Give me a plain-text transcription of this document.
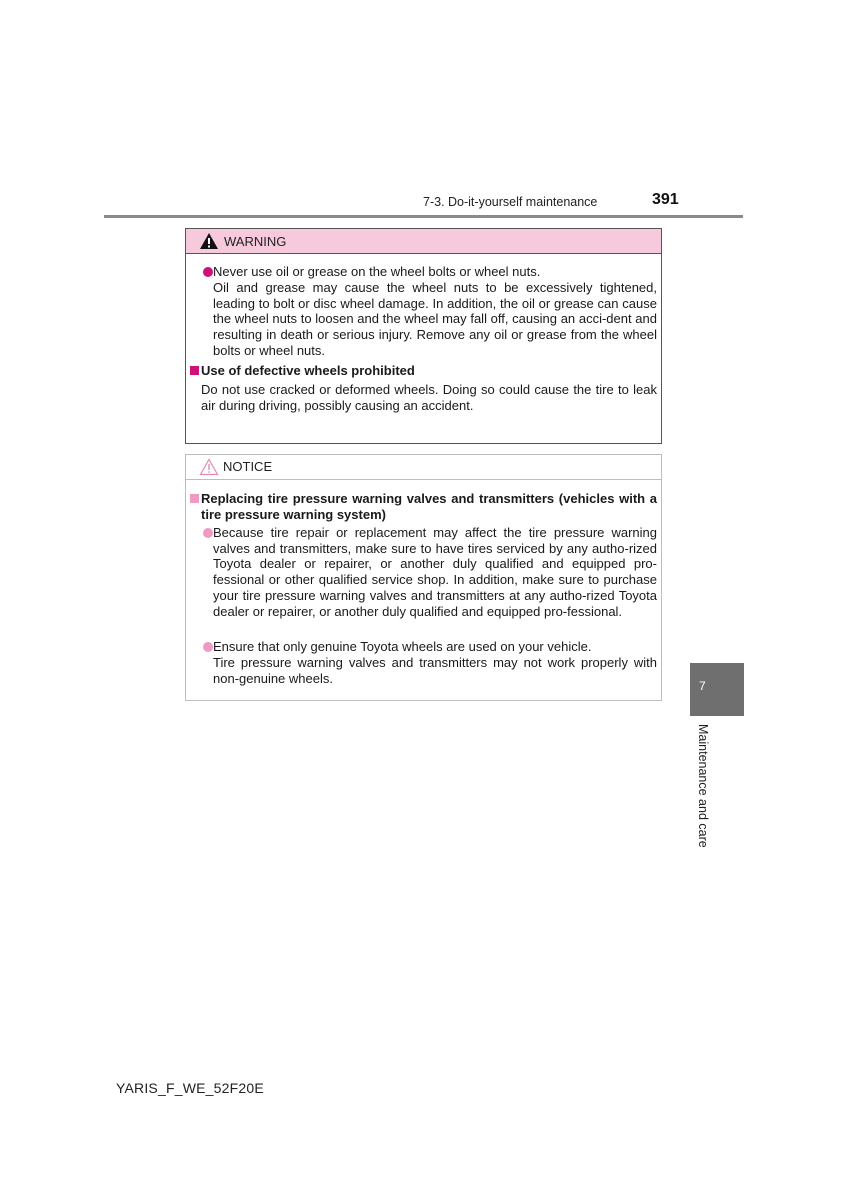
7-3. Do-it-yourself maintenance	391
WARNING
Never use oil or grease on the wheel bolts or wheel nuts.
Oil and grease may cause the wheel nuts to be excessively tightened, leading to bolt or disc wheel damage. In addition, the oil or grease can cause the wheel nuts to loosen and the wheel may fall off, causing an acci-dent and resulting in death or serious injury. Remove any oil or grease from the wheel bolts or wheel nuts.
Use of defective wheels prohibited
Do not use cracked or deformed wheels. Doing so could cause the tire to leak air during driving, possibly causing an accident.
NOTICE
Replacing tire pressure warning valves and transmitters (vehicles with a tire pressure warning system)
Because tire repair or replacement may affect the tire pressure warning valves and transmitters, make sure to have tires serviced by any autho-rized Toyota dealer or repairer, or another duly qualified and equipped pro-fessional or other qualified service shop. In addition, make sure to purchase your tire pressure warning valves and transmitters at any autho-rized Toyota dealer or repairer, or another duly qualified and equipped pro-fessional.
Ensure that only genuine Toyota wheels are used on your vehicle.
Tire pressure warning valves and transmitters may not work properly with non-genuine wheels.
7
Maintenance and care
YARIS_F_WE_52F20E
